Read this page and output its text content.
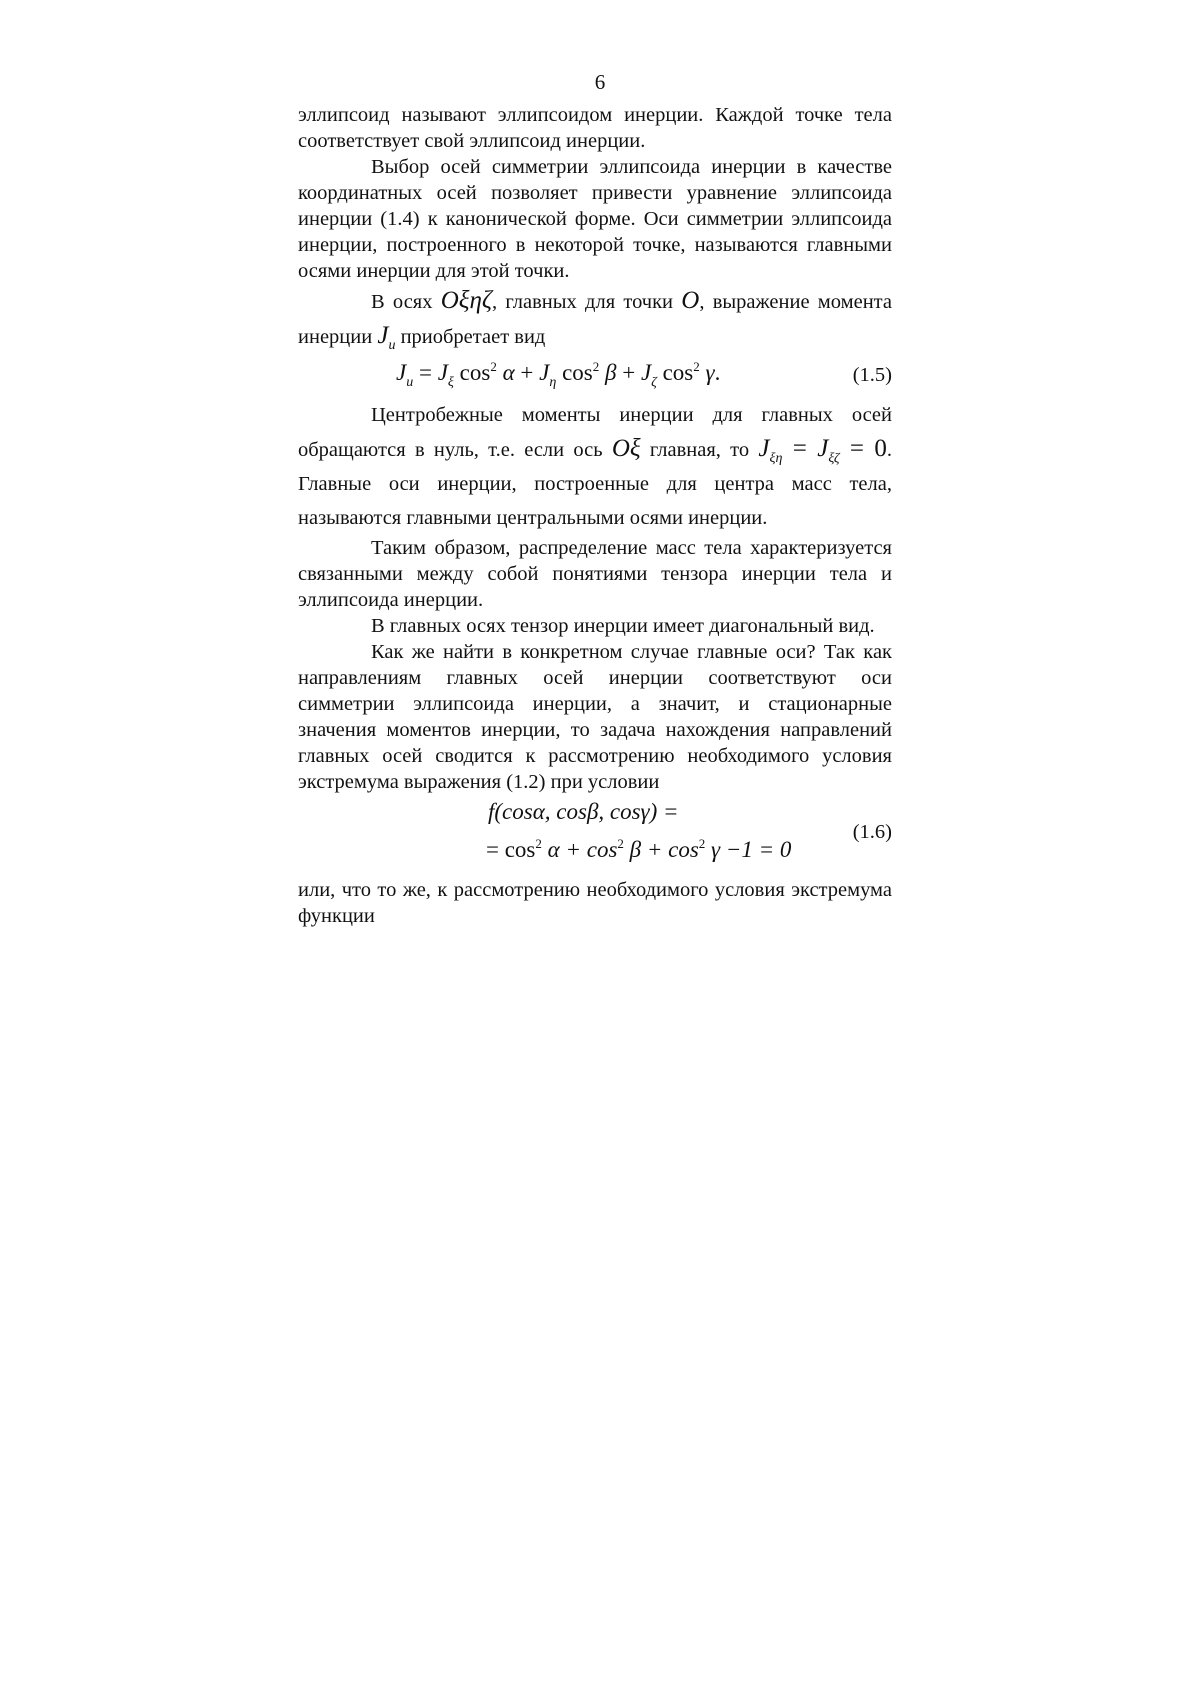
6

эллипсоид называют эллипсоидом инерции. Каждой точке тела соответствует свой эллипсоид инерции.

Выбор осей симметрии эллипсоида инерции в качестве координатных осей позволяет привести уравнение эллипсоида инерции (1.4) к канонической форме. Оси симметрии эллипсоида инерции, построенного в некоторой точке, называются главными осями инерции для этой точки.

В осях Oξηζ, главных для точки O, выражение момента инерции $J_u$ приобретает вид

$J_u = J_\xi$ $\cos^2 \alpha + J_\eta$ $\cos^2 \beta + J_\zeta$ $\cos^2 \gamma$.	(1.5)

Центробежные моменты инерции для главных осей обращаются в нуль, т.е. если ось Oξ главная, то $J_{\xi\eta} = J_{\xi\zeta} = 0$. Главные оси инерции, построенные для центра масс тела, называются главными центральными осями инерции.

Таким образом, распределение масс тела характеризуется связанными между собой понятиями тензора инерции тела и эллипсоида инерции.

В главных осях тензор инерции имеет диагональный вид.

Как же найти в конкретном случае главные оси? Так как направлениям главных осей инерции соответствуют оси симметрии эллипсоида инерции, а значит, и стационарные значения моментов инерции, то задача нахождения направлений главных осей сводится к рассмотрению необходимого условия экстремума выражения (1.2) при условии

f(cosα, cosβ, cosγ) =
= $\cos^2 \alpha + \cos^2 \beta + \cos^2 \gamma -1 = 0$
(1.6)

или, что то же, к рассмотрению необходимого условия экстремума функции
